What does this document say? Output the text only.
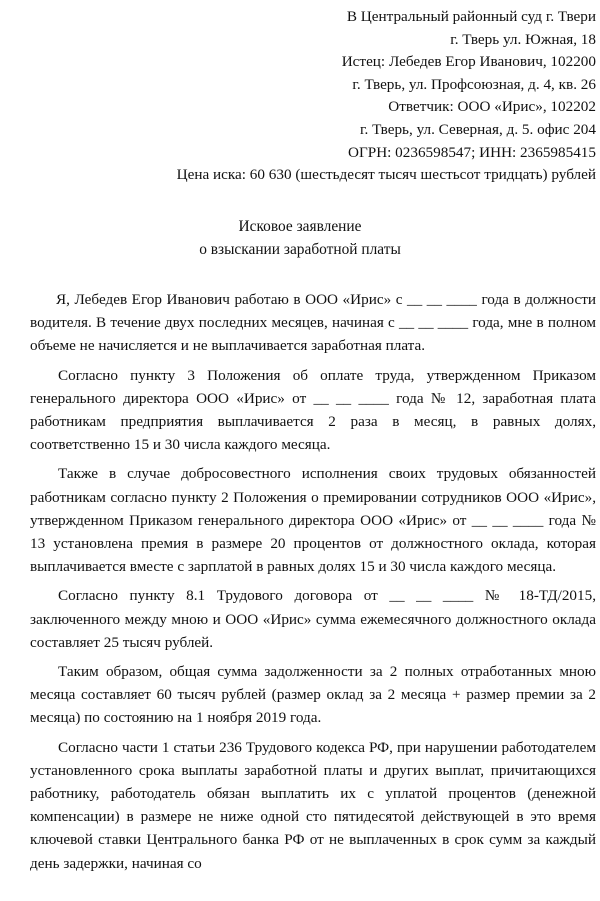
В Центральный районный суд г. Твери
г. Тверь ул. Южная, 18
Истец: Лебедев Егор Иванович, 102200
г. Тверь, ул. Профсоюзная, д. 4, кв. 26
Ответчик: ООО «Ирис», 102202
г. Тверь, ул. Северная, д. 5. офис 204
ОГРН: 0236598547; ИНН: 2365985415
Цена иска: 60 630 (шестьдесят тысяч шестьсот тридцать) рублей
Исковое заявление
о взыскании заработной платы

Я, Лебедев Егор Иванович работаю в ООО «Ирис» с __ __ ____ года в должности водителя. В течение двух последних месяцев, начиная с __ __ ____ года, мне в полном объеме не начисляется и не выплачивается заработная плата.

Согласно пункту 3 Положения об оплате труда, утвержденном Приказом генерального директора ООО «Ирис» от __ __ ____ года № 12, заработная плата работникам предприятия выплачивается 2 раза в месяц, в равных долях, соответственно 15 и 30 числа каждого месяца.

Также в случае добросовестного исполнения своих трудовых обязанностей работникам согласно пункту 2 Положения о премировании сотрудников ООО «Ирис», утвержденном Приказом генерального директора ООО «Ирис» от __ __ ____ года № 13 установлена премия в размере 20 процентов от должностного оклада, которая выплачивается вместе с зарплатой в равных долях 15 и 30 числа каждого месяца.

Согласно пункту 8.1 Трудового договора от __ __ ____ № 18-ТД/2015, заключенного между мною и ООО «Ирис» сумма ежемесячного должностного оклада составляет 25 тысяч рублей.

Таким образом, общая сумма задолженности за 2 полных отработанных мною месяца составляет 60 тысяч рублей (размер оклад за 2 месяца + размер премии за 2 месяца) по состоянию на 1 ноября 2019 года.

Согласно части 1 статьи 236 Трудового кодекса РФ, при нарушении работодателем установленного срока выплаты заработной платы и других выплат, причитающихся работнику, работодатель обязан выплатить их с уплатой процентов (денежной компенсации) в размере не ниже одной сто пятидесятой действующей в это время ключевой ставки Центрального банка РФ от не выплаченных в срок сумм за каждый день задержки, начиная со
